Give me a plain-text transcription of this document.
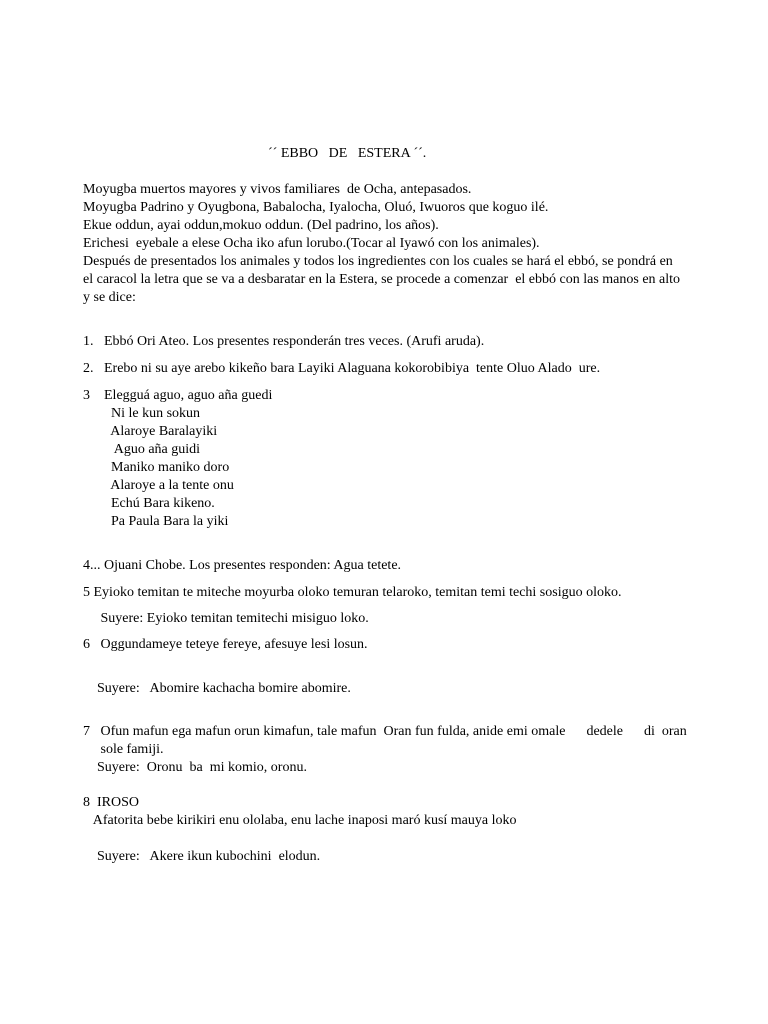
´´ EBBO   DE   ESTERA ´´.
Moyugba muertos mayores y vivos familiares  de Ocha, antepasados.
Moyugba Padrino y Oyugbona, Babalocha, Iyalocha, Oluó, Iwuoros que koguo ilé.
Ekue oddun, ayai oddun,mokuo oddun. (Del padrino, los años).
Erichesi  eyebale a elese Ocha iko afun lorubo.(Tocar al Iyawó con los animales).
Después de presentados los animales y todos los ingredientes con los cuales se hará el ebbó, se pondrá en
el caracol la letra que se va a desbaratar en la Estera, se procede a comenzar  el ebbó con las manos en alto
y se dice:
1.   Ebbó Ori Ateo. Los presentes responderán tres veces. (Arufi aruda).
2.   Erebo ni su aye arebo kikeño bara Layiki Alaguana kokorobibiya  tente Oluo Alado  ure.
3    Elegguá aguo, aguo aña guedi
Ni le kun sokun
Alaroye Baralayiki
Aguo aña guidi
Maniko maniko doro
Alaroye a la tente onu
Echú Bara kikeno.
Pa Paula Bara la yiki
4... Ojuani Chobe. Los presentes responden: Agua tetete.
5 Eyioko temitan te miteche moyurba oloko temuran telaroko, temitan temi techi sosiguo oloko.
Suyere: Eyioko temitan temitechi misiguo loko.
6   Oggundameye teteye fereye, afesuye lesi losun.
Suyere:   Abomire kachacha bomire abomire.
7   Ofun mafun ega mafun orun kimafun, tale mafun  Oran fun fulda, anide emi omale      dedele      di  oran
sole famiji.
Suyere:  Oronu  ba  mi komio, oronu.
8  IROSO
Afatorita bebe kirikiri enu ololaba, enu lache inaposi maró kusí mauya loko
Suyere:   Akere ikun kubochini  elodun.
